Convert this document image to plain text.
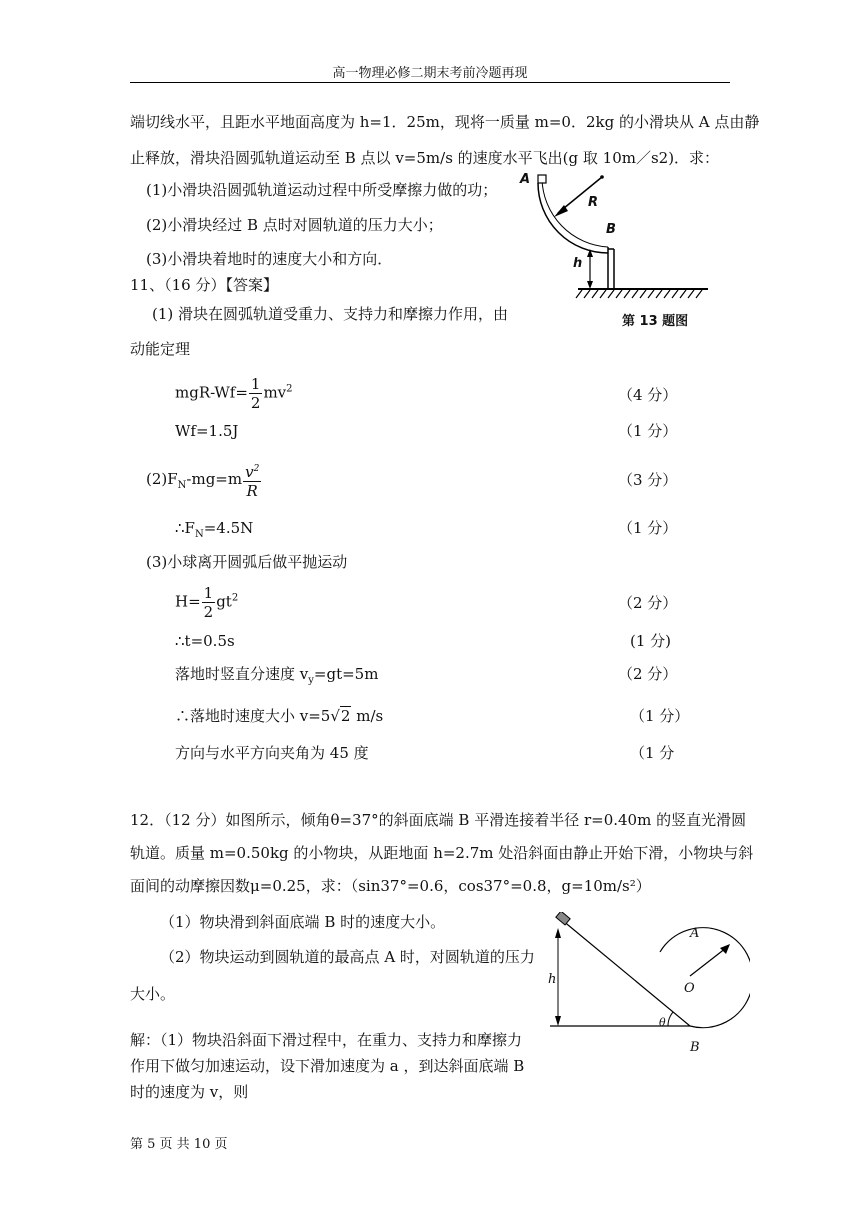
高一物理必修二期末考前冷题再现
端切线水平，且距水平地面高度为 h=1．25m，现将一质量 m=0．2kg 的小滑块从 A 点由静
止释放，滑块沿圆弧轨道运动至 B 点以 v=5m/s 的速度水平飞出(g 取 10m／s2)．求：
(1)小滑块沿圆弧轨道运动过程中所受摩擦力做的功；
(2)小滑块经过 B 点时对圆轨道的压力大小；
(3)小滑块着地时的速度大小和方向．
11、（16 分）【答案】
(1) 滑块在圆弧轨道受重力、支持力和摩擦力作用，由
动能定理
$mgR-Wf= \frac{1}{2} mv^2$	（4 分）
Wf=1.5J	（1 分）
$(2)F_N-mg=m \frac{v^2}{R}$	（3 分）
$\therefore F_N=4.5N$	（1 分）
(3)小球离开圆弧后做平抛运动
$H= \frac{1}{2} gt^2$	（2 分）
∴t=0.5s	(1 分)
落地时竖直分速度 $v_y=gt=5m$	（2 分）
∴落地时速度大小 v=5√2 m/s	（1 分）
方向与水平方向夹角为 45 度	（1 分
A
R
B
h
第 13 题图
12．（12 分）如图所示，倾角θ=37°的斜面底端 B 平滑连接着半径 r=0.40m 的竖直光滑圆
轨道。质量 m=0.50kg 的小物块，从距地面 h=2.7m 处沿斜面由静止开始下滑，小物块与斜
面间的动摩擦因数μ=0.25，求：（sin37°=0.6，cos37°=0.8，g=10m/s²）
（1）物块滑到斜面底端 B 时的速度大小。
（2）物块运动到圆轨道的最高点 A 时，对圆轨道的压力
大小。
解：（1）物块沿斜面下滑过程中，在重力、支持力和摩擦力
作用下做匀加速运动，设下滑加速度为 a ，到达斜面底端 B
时的速度为 v，则
h
A
O
θ
B
第 5 页 共 10 页
